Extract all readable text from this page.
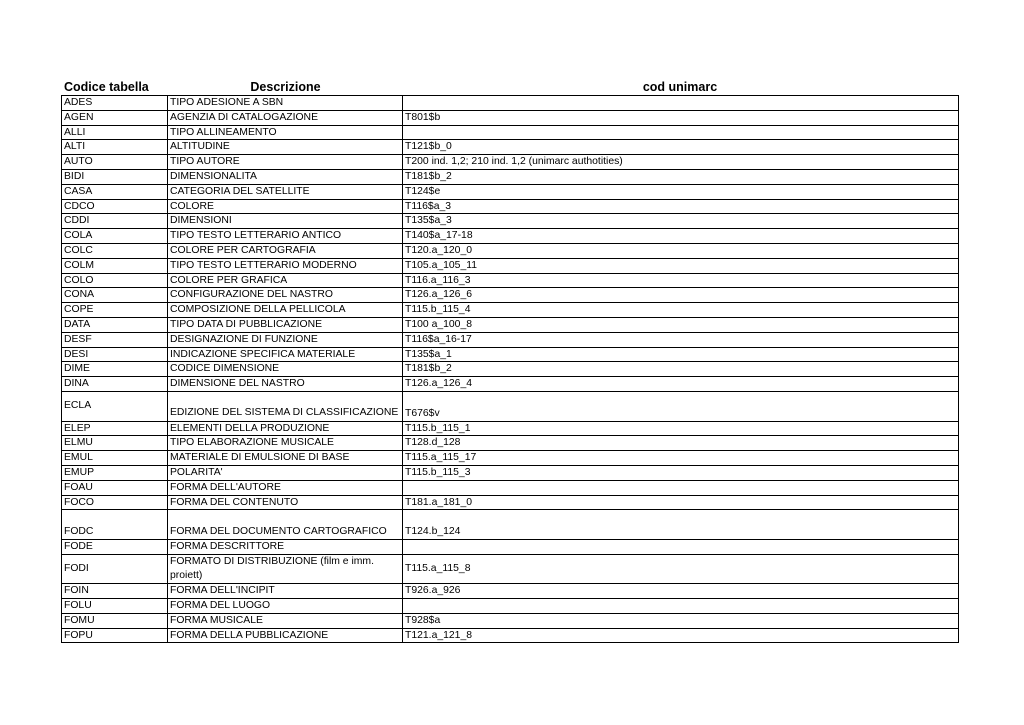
Codice tabella	Descrizione	cod unimarc
ADES	TIPO ADESIONE A SBN	
AGEN	AGENZIA DI CATALOGAZIONE	T801$b
ALLI	TIPO ALLINEAMENTO	
ALTI	ALTITUDINE	T121$b_0
AUTO	TIPO AUTORE	T200 ind. 1,2; 210 ind. 1,2 (unimarc authotities)
BIDI	DIMENSIONALITA	T181$b_2
CASA	CATEGORIA DEL SATELLITE	T124$e
CDCO	COLORE	T116$a_3
CDDI	DIMENSIONI	T135$a_3
COLA	TIPO TESTO LETTERARIO ANTICO	T140$a_17-18
COLC	COLORE PER CARTOGRAFIA	T120.a_120_0
COLM	TIPO TESTO LETTERARIO MODERNO	T105.a_105_11
COLO	COLORE PER GRAFICA	T116.a_116_3
CONA	CONFIGURAZIONE DEL NASTRO	T126.a_126_6
COPE	COMPOSIZIONE DELLA PELLICOLA	T115.b_115_4
DATA	TIPO DATA DI PUBBLICAZIONE	T100 a_100_8
DESF	DESIGNAZIONE DI FUNZIONE	T116$a_16-17
DESI	INDICAZIONE SPECIFICA MATERIALE	T135$a_1
DIME	CODICE DIMENSIONE	T181$b_2
DINA	DIMENSIONE DEL NASTRO	T126.a_126_4
ECLA	EDIZIONE DEL SISTEMA DI CLASSIFICAZIONE	T676$v
ELEP	ELEMENTI DELLA PRODUZIONE	T115.b_115_1
ELMU	TIPO ELABORAZIONE MUSICALE	T128.d_128
EMUL	MATERIALE DI EMULSIONE DI BASE	T115.a_115_17
EMUP	POLARITA'	T115.b_115_3
FOAU	FORMA DELL'AUTORE	
FOCO	FORMA DEL CONTENUTO	T181.a_181_0
FODC	FORMA DEL DOCUMENTO CARTOGRAFICO	T124.b_124
FODE	FORMA DESCRITTORE	
FODI	FORMATO DI DISTRIBUZIONE (film e imm. proiett)	T115.a_115_8
FOIN	FORMA DELL'INCIPIT	T926.a_926
FOLU	FORMA DEL LUOGO	
FOMU	FORMA MUSICALE	T928$a
FOPU	FORMA DELLA PUBBLICAZIONE	T121.a_121_8
